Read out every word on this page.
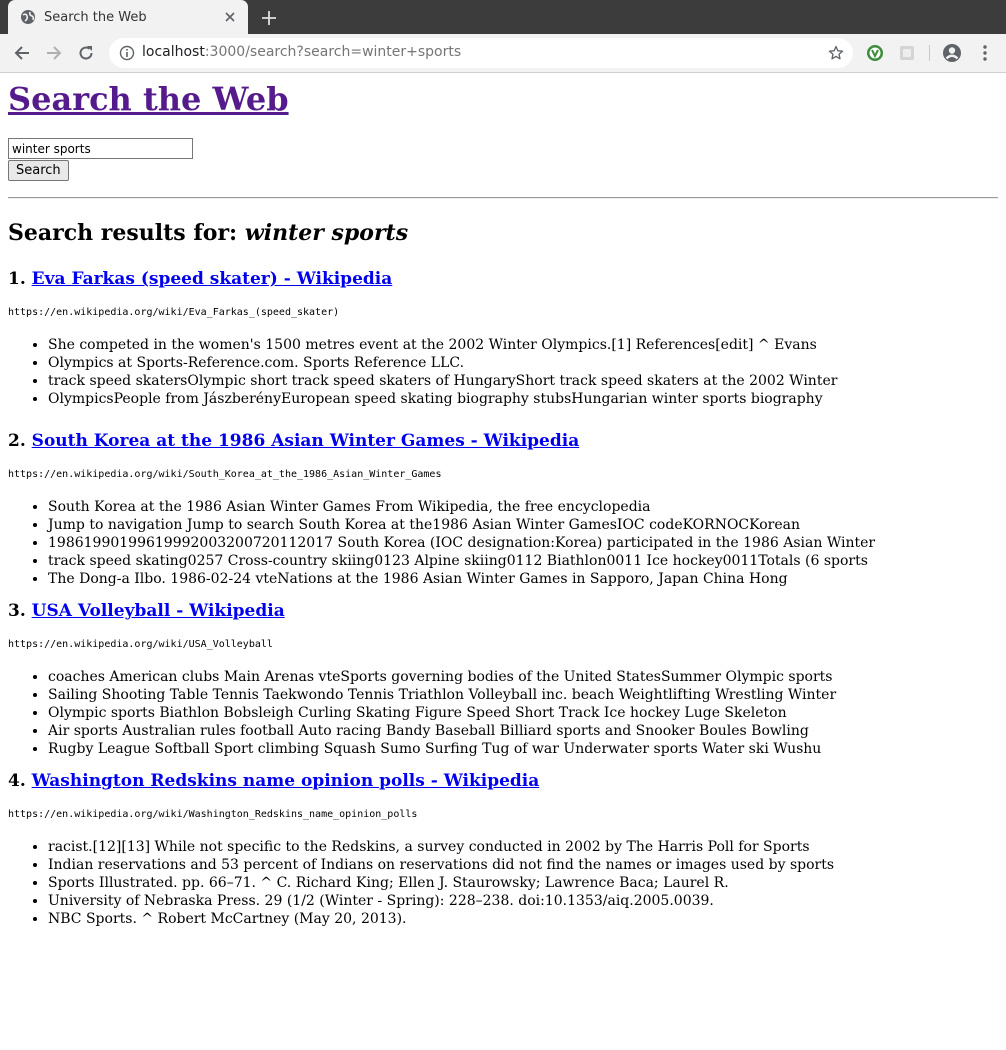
Search the Web
localhost:3000/search?search=winter+sports
Search the Web
winter sports Search
Search results for: winter sports
1. Eva Farkas (speed skater) - Wikipedia

https://en.wikipedia.org/wiki/Eva_Farkas_(speed_skater)

• She competed in the women's 1500 metres event at the 2002 Winter Olympics.[1] References[edit] ^ Evans
• Olympics at Sports-Reference.com. Sports Reference LLC.
• track speed skatersOlympic short track speed skaters of HungaryShort track speed skaters at the 2002 Winter
• OlympicsPeople from JászberényEuropean speed skating biography stubsHungarian winter sports biography
2. South Korea at the 1986 Asian Winter Games - Wikipedia

https://en.wikipedia.org/wiki/South_Korea_at_the_1986_Asian_Winter_Games

• South Korea at the 1986 Asian Winter Games From Wikipedia, the free encyclopedia
• Jump to navigation Jump to search South Korea at the1986 Asian Winter GamesIOC codeKORNOCKorean
• 19861990199619992003200720112017 South Korea (IOC designation:Korea) participated in the 1986 Asian Winter
• track speed skating0257 Cross-country skiing0123 Alpine skiing0112 Biathlon0011 Ice hockey0011Totals (6 sports
• The Dong-a Ilbo. 1986-02-24 vteNations at the 1986 Asian Winter Games in Sapporo, Japan China Hong
3. USA Volleyball - Wikipedia

https://en.wikipedia.org/wiki/USA_Volleyball

• coaches American clubs Main Arenas vteSports governing bodies of the United StatesSummer Olympic sports
• Sailing Shooting Table Tennis Taekwondo Tennis Triathlon Volleyball inc. beach Weightlifting Wrestling Winter
• Olympic sports Biathlon Bobsleigh Curling Skating Figure Speed Short Track Ice hockey Luge Skeleton
• Air sports Australian rules football Auto racing Bandy Baseball Billiard sports and Snooker Boules Bowling
• Rugby League Softball Sport climbing Squash Sumo Surfing Tug of war Underwater sports Water ski Wushu
4. Washington Redskins name opinion polls - Wikipedia

https://en.wikipedia.org/wiki/Washington_Redskins_name_opinion_polls

• racist.[12][13] While not specific to the Redskins, a survey conducted in 2002 by The Harris Poll for Sports
• Indian reservations and 53 percent of Indians on reservations did not find the names or images used by sports
• Sports Illustrated. pp. 66–71. ^ C. Richard King; Ellen J. Staurowsky; Lawrence Baca; Laurel R.
• University of Nebraska Press. 29 (1/2 (Winter - Spring): 228–238. doi:10.1353/aiq.2005.0039.
• NBC Sports. ^ Robert McCartney (May 20, 2013).
